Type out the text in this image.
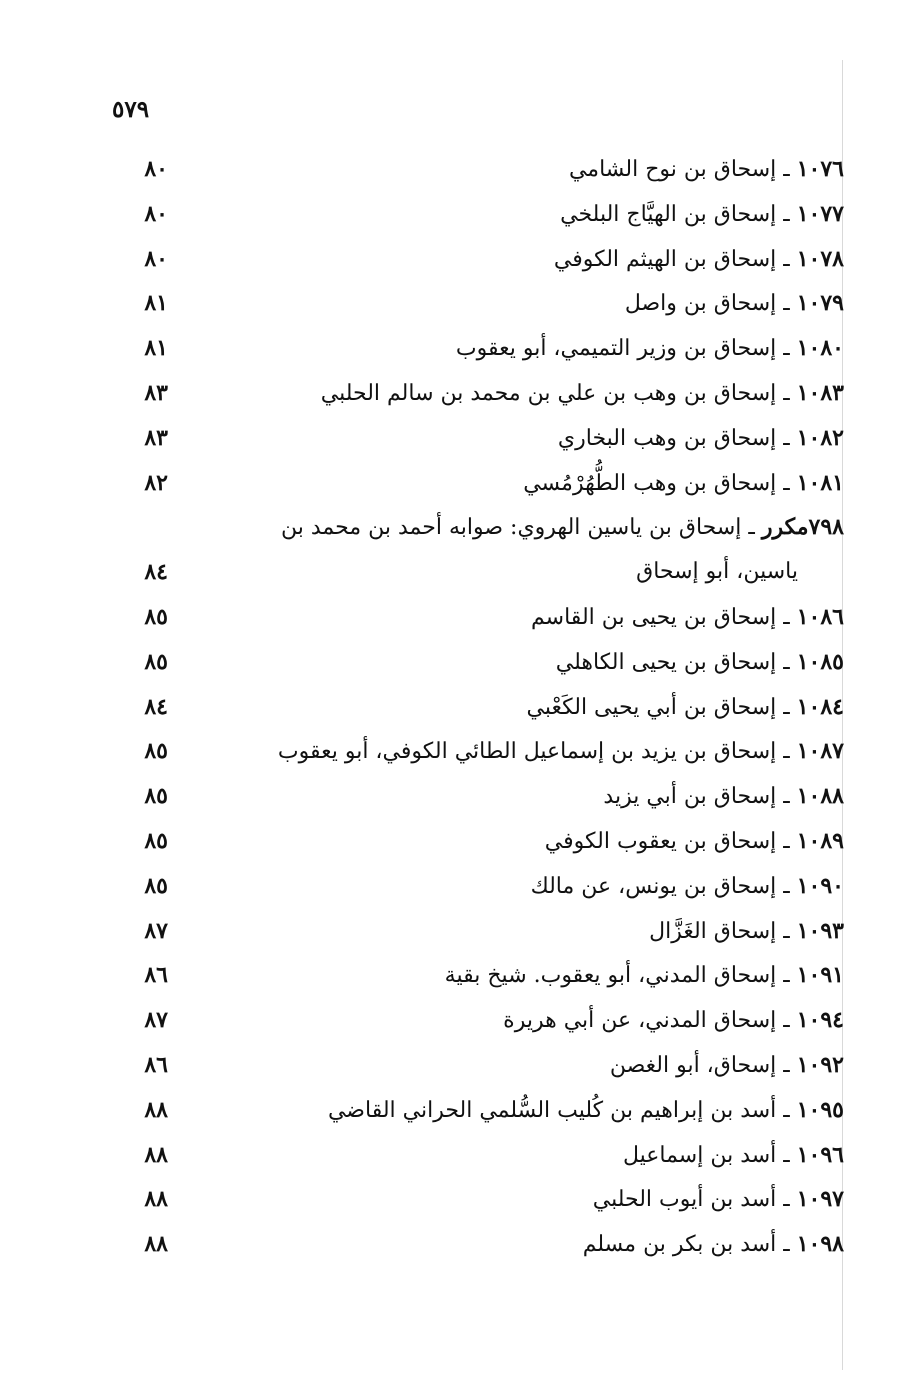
٥٧٩
١٠٧٦ ـ إسحاق بن نوح الشامي
٨٠
١٠٧٧ ـ إسحاق بن الهيَّاج البلخي
٨٠
١٠٧٨ ـ إسحاق بن الهيثم الكوفي
٨٠
١٠٧٩ ـ إسحاق بن واصل
٨١
١٠٨٠ ـ إسحاق بن وزير التميمي، أبو يعقوب
٨١
١٠٨٣ ـ إسحاق بن وهب بن علي بن محمد بن سالم الحلبي
٨٣
١٠٨٢ ـ إسحاق بن وهب البخاري
٨٣
١٠٨١ ـ إسحاق بن وهب الطُّهُرْمُسي
٨٢
٧٩٨مكرر ـ إسحاق بن ياسين الهروي: صوابه أحمد بن محمد بن
ياسين، أبو إسحاق
٨٤
١٠٨٦ ـ إسحاق بن يحيى بن القاسم
٨٥
١٠٨٥ ـ إسحاق بن يحيى الكاهلي
٨٥
١٠٨٤ ـ إسحاق بن أبي يحيى الكَعْبي
٨٤
١٠٨٧ ـ إسحاق بن يزيد بن إسماعيل الطائي الكوفي، أبو يعقوب
٨٥
١٠٨٨ ـ إسحاق بن أبي يزيد
٨٥
١٠٨٩ ـ إسحاق بن يعقوب الكوفي
٨٥
١٠٩٠ ـ إسحاق بن يونس، عن مالك
٨٥
١٠٩٣ ـ إسحاق الغَزَّال
٨٧
١٠٩١ ـ إسحاق المدني، أبو يعقوب. شيخ بقية
٨٦
١٠٩٤ ـ إسحاق المدني، عن أبي هريرة
٨٧
١٠٩٢ ـ إسحاق، أبو الغصن
٨٦
١٠٩٥ ـ أسد بن إبراهيم بن كُليب السُّلمي الحراني القاضي
٨٨
١٠٩٦ ـ أسد بن إسماعيل
٨٨
١٠٩٧ ـ أسد بن أيوب الحلبي
٨٨
١٠٩٨ ـ أسد بن بكر بن مسلم
٨٨
